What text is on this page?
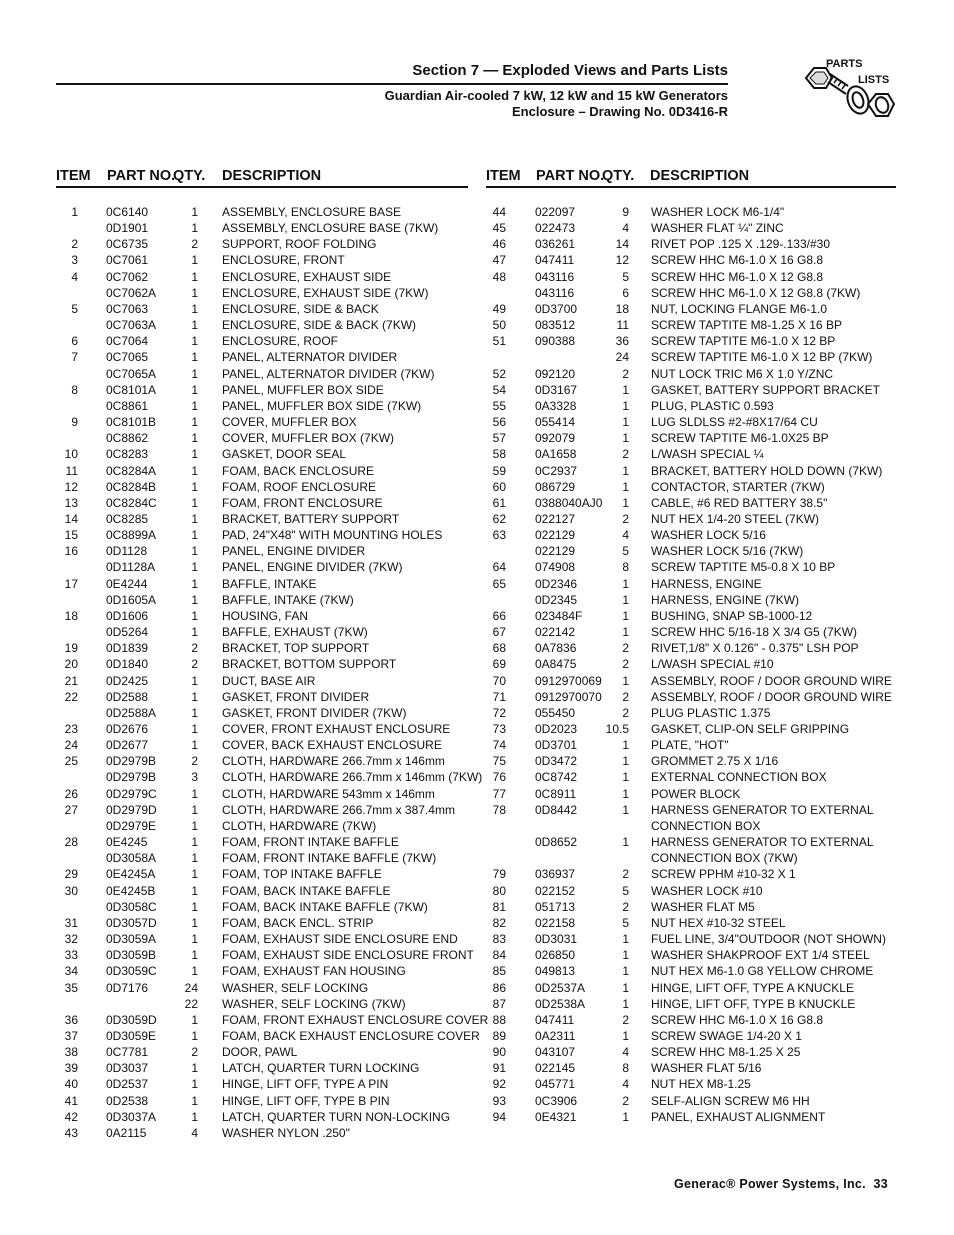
Section 7 — Exploded Views and Parts Lists
Guardian Air-cooled 7 kW, 12 kW and 15 kW Generators
Enclosure – Drawing No. 0D3416-R
PARTS
LISTS
ITEM PART NO.
QTY. DESCRIPTION
1 0C6140	1 ASSEMBLY, ENCLOSURE BASE
0D1901	1 ASSEMBLY, ENCLOSURE BASE (7KW)
2 0C6735	2 SUPPORT, ROOF FOLDING
3 0C7061	1 ENCLOSURE, FRONT
4 0C7062	1 ENCLOSURE, EXHAUST SIDE
0C7062A	1 ENCLOSURE, EXHAUST SIDE (7KW)
5 0C7063	1 ENCLOSURE, SIDE & BACK
0C7063A	1 ENCLOSURE, SIDE & BACK (7KW)
6 0C7064	1 ENCLOSURE, ROOF
7 0C7065	1 PANEL, ALTERNATOR DIVIDER
0C7065A	1 PANEL, ALTERNATOR DIVIDER (7KW)
8 0C8101A	1 PANEL, MUFFLER BOX SIDE
0C8861	1 PANEL, MUFFLER BOX SIDE (7KW)
9 0C8101B	1 COVER, MUFFLER BOX
0C8862	1 COVER, MUFFLER BOX (7KW)
10 0C8283	1 GASKET, DOOR SEAL
11 0C8284A	1 FOAM, BACK ENCLOSURE
12 0C8284B	1 FOAM, ROOF ENCLOSURE
13 0C8284C	1 FOAM, FRONT ENCLOSURE
14 0C8285	1 BRACKET, BATTERY SUPPORT
15 0C8899A	1 PAD, 24"X48" WITH MOUNTING HOLES
16 0D1128	1 PANEL, ENGINE DIVIDER
0D1128A	1 PANEL, ENGINE DIVIDER (7KW)
17 0E4244	1 BAFFLE, INTAKE
0D1605A	1 BAFFLE, INTAKE (7KW)
18 0D1606	1 HOUSING, FAN
0D5264	1 BAFFLE, EXHAUST (7KW)
19 0D1839	2 BRACKET, TOP SUPPORT
20 0D1840	2 BRACKET, BOTTOM SUPPORT
21 0D2425	1 DUCT, BASE AIR
22 0D2588	1 GASKET, FRONT DIVIDER
0D2588A	1 GASKET, FRONT DIVIDER (7KW)
23 0D2676	1 COVER, FRONT EXHAUST ENCLOSURE
24 0D2677	1 COVER, BACK EXHAUST ENCLOSURE
25 0D2979B	2 CLOTH, HARDWARE 266.7mm x 146mm
0D2979B	3 CLOTH, HARDWARE 266.7mm x 146mm (7KW)
26 0D2979C	1 CLOTH, HARDWARE 543mm x 146mm
27 0D2979D	1 CLOTH, HARDWARE 266.7mm x 387.4mm
0D2979E	1 CLOTH, HARDWARE (7KW)
28 0E4245	1 FOAM, FRONT INTAKE BAFFLE
0D3058A	1 FOAM, FRONT INTAKE BAFFLE (7KW)
29 0E4245A	1 FOAM, TOP INTAKE BAFFLE
30 0E4245B	1 FOAM, BACK INTAKE BAFFLE
0D3058C	1 FOAM, BACK INTAKE BAFFLE (7KW)
31 0D3057D	1 FOAM, BACK ENCL. STRIP
32 0D3059A	1 FOAM, EXHAUST SIDE ENCLOSURE END
33 0D3059B	1 FOAM, EXHAUST SIDE ENCLOSURE FRONT
34 0D3059C	1 FOAM, EXHAUST FAN HOUSING
35 0D7176	24 WASHER, SELF LOCKING
22 WASHER, SELF LOCKING (7KW)
36 0D3059D	1 FOAM, FRONT EXHAUST ENCLOSURE COVER
37 0D3059E	1 FOAM, BACK EXHAUST ENCLOSURE COVER
38 0C7781	2 DOOR, PAWL
39 0D3037	1 LATCH, QUARTER TURN LOCKING
40 0D2537	1 HINGE, LIFT OFF, TYPE A PIN
41 0D2538	1 HINGE, LIFT OFF, TYPE B PIN
42 0D3037A	1 LATCH, QUARTER TURN NON-LOCKING
43 0A2115	4 WASHER NYLON .250"
ITEM PART NO.
QTY. DESCRIPTION
44 022097	9 WASHER LOCK M6-1/4"
45 022473	4 WASHER FLAT ¼" ZINC
46 036261	14 RIVET POP .125 X .129-.133/#30
47 047411	12 SCREW HHC M6-1.0 X 16 G8.8
48 043116	5 SCREW HHC M6-1.0 X 12 G8.8
043116	6 SCREW HHC M6-1.0 X 12 G8.8 (7KW)
49 0D3700	18 NUT, LOCKING FLANGE M6-1.0
50 083512	11 SCREW TAPTITE M8-1.25 X 16 BP
51 090388	36 SCREW TAPTITE M6-1.0 X 12 BP
24 SCREW TAPTITE M6-1.0 X 12 BP (7KW)
52 092120	2 NUT LOCK TRIC M6 X 1.0 Y/ZNC
54 0D3167	1 GASKET, BATTERY SUPPORT BRACKET
55 0A3328	1 PLUG, PLASTIC 0.593
56 055414	1 LUG SLDLSS #2-#8X17/64 CU
57 092079	1 SCREW TAPTITE M6-1.0X25 BP
58 0A1658	2 L/WASH SPECIAL ¼
59 0C2937	1 BRACKET, BATTERY HOLD DOWN (7KW)
60 086729	1 CONTACTOR, STARTER (7KW)
61 0388040AJ0	1 CABLE, #6 RED BATTERY 38.5"
62 022127	2 NUT HEX 1/4-20 STEEL (7KW)
63 022129	4 WASHER LOCK 5/16
022129	5 WASHER LOCK 5/16 (7KW)
64 074908	8 SCREW TAPTITE M5-0.8 X 10 BP
65 0D2346	1 HARNESS, ENGINE
0D2345	1 HARNESS, ENGINE (7KW)
66 023484F	1 BUSHING, SNAP SB-1000-12
67 022142	1 SCREW HHC 5/16-18 X 3/4 G5 (7KW)
68 0A7836	2 RIVET,1/8" X 0.126" - 0.375" LSH POP
69 0A8475	2 L/WASH SPECIAL #10
70 0912970069	1 ASSEMBLY, ROOF / DOOR GROUND WIRE
71 0912970070	2 ASSEMBLY, ROOF / DOOR GROUND WIRE
72 055450	2 PLUG PLASTIC 1.375
73 0D2023	10.5 GASKET, CLIP-ON SELF GRIPPING
74 0D3701	1 PLATE, "HOT"
75 0D3472	1 GROMMET 2.75 X 1/16
76 0C8742	1 EXTERNAL CONNECTION BOX
77 0C8911	1 POWER BLOCK
78 0D8442	1 HARNESS GENERATOR TO EXTERNAL
CONNECTION BOX
0D8652	1 HARNESS GENERATOR TO EXTERNAL
CONNECTION BOX (7KW)
79 036937	2 SCREW PPHM #10-32 X 1
80 022152	5 WASHER LOCK #10
81 051713	2 WASHER FLAT M5
82 022158	5 NUT HEX #10-32 STEEL
83 0D3031	1 FUEL LINE, 3/4"OUTDOOR (NOT SHOWN)
84 026850	1 WASHER SHAKPROOF EXT 1/4 STEEL
85 049813	1 NUT HEX M6-1.0 G8 YELLOW CHROME
86 0D2537A	1 HINGE, LIFT OFF, TYPE A KNUCKLE
87 0D2538A	1 HINGE, LIFT OFF, TYPE B KNUCKLE
88 047411	2 SCREW HHC M6-1.0 X 16 G8.8
89 0A2311	1 SCREW SWAGE 1/4-20 X 1
90 043107	4 SCREW HHC M8-1.25 X 25
91 022145	8 WASHER FLAT 5/16
92 045771	4 NUT HEX M8-1.25
93 0C3906	2 SELF-ALIGN SCREW M6 HH
94 0E4321	1 PANEL, EXHAUST ALIGNMENT
Generac® Power Systems, Inc. 33
